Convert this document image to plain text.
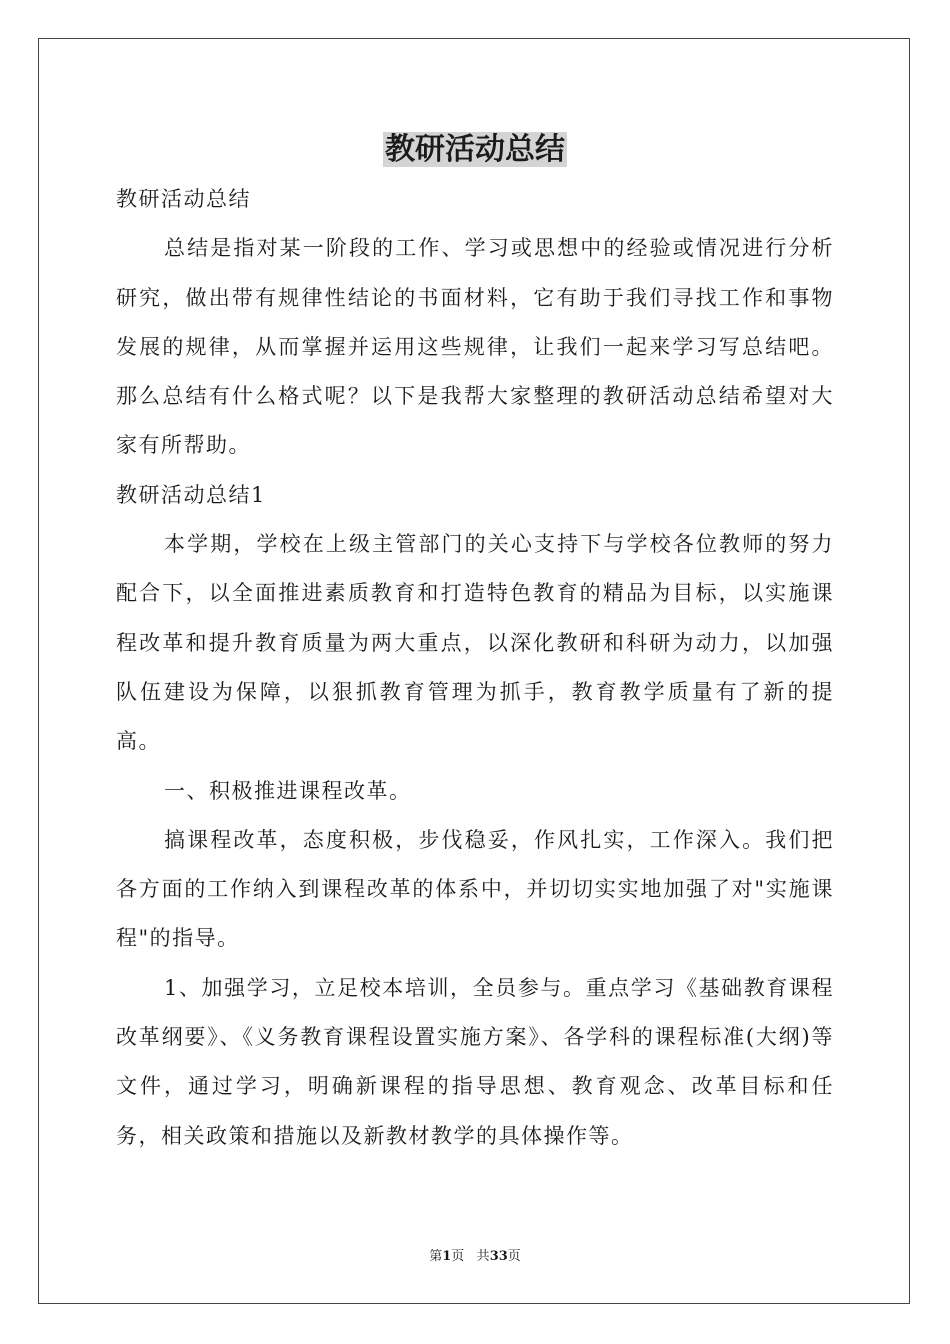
教研活动总结

教研活动总结

总结是指对某一阶段的工作、学习或思想中的经验或情况进行分析研究，做出带有规律性结论的书面材料，它有助于我们寻找工作和事物发展的规律，从而掌握并运用这些规律，让我们一起来学习写总结吧。那么总结有什么格式呢？以下是我帮大家整理的教研活动总结希望对大家有所帮助。

教研活动总结1

本学期，学校在上级主管部门的关心支持下与学校各位教师的努力配合下，以全面推进素质教育和打造特色教育的精品为目标，以实施课程改革和提升教育质量为两大重点，以深化教研和科研为动力，以加强队伍建设为保障，以狠抓教育管理为抓手，教育教学质量有了新的提高。

一、积极推进课程改革。

搞课程改革，态度积极，步伐稳妥，作风扎实，工作深入。我们把各方面的工作纳入到课程改革的体系中，并切切实实地加强了对"实施课程"的指导。

1、加强学习，立足校本培训，全员参与。重点学习《基础教育课程改革纲要》、《义务教育课程设置实施方案》、各学科的课程标准(大纲)等文件，通过学习，明确新课程的指导思想、教育观念、改革目标和任务，相关政策和措施以及新教材教学的具体操作等。

第1页 共33页
